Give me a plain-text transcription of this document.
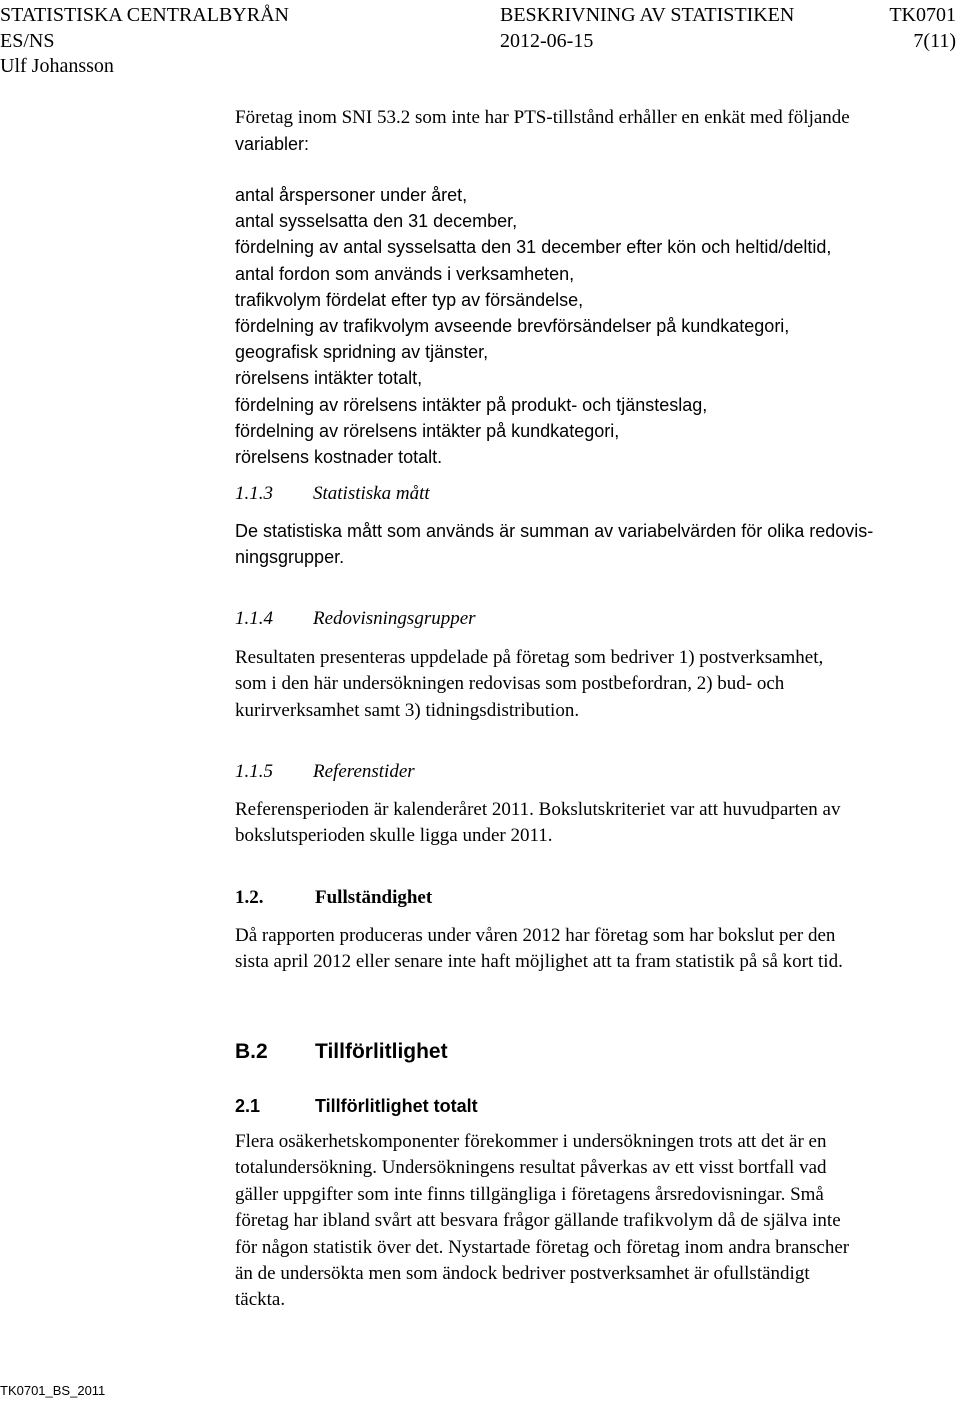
STATISTISKA CENTRALBYRÅN	BESKRIVNING AV STATISTIKEN	TK0701
ES/NS	2012-06-15	7(11)
Ulf Johansson
Företag inom SNI 53.2 som inte har PTS-tillstånd erhåller en enkät med följande
variabler:
antal årspersoner under året,
antal sysselsatta den 31 december,
fördelning av antal sysselsatta den 31 december efter kön och heltid/deltid,
antal fordon som används i verksamheten,
trafikvolym fördelat efter typ av försändelse,
fördelning av trafikvolym avseende brevförsändelser på kundkategori,
geografisk spridning av tjänster,
rörelsens intäkter totalt,
fördelning av rörelsens intäkter på produkt- och tjänsteslag,
fördelning av rörelsens intäkter på kundkategori,
rörelsens kostnader totalt.
1.1.3 Statistiska mått
De statistiska mått som används är summan av variabelvärden för olika redovis-
ningsgrupper.
1.1.4 Redovisningsgrupper
Resultaten presenteras uppdelade på företag som bedriver 1) postverksamhet,
som i den här undersökningen redovisas som postbefordran, 2) bud- och
kurirverksamhet samt 3) tidningsdistribution.
1.1.5 Referenstider
Referensperioden är kalenderåret 2011. Bokslutskriteriet var att huvudparten av
bokslutsperioden skulle ligga under 2011.
1.2.	Fullständighet
Då rapporten produceras under våren 2012 har företag som har bokslut per den
sista april 2012 eller senare inte haft möjlighet att ta fram statistik på så kort tid.
B.2 Tillförlitlighet
2.1	Tillförlitlighet totalt
Flera osäkerhetskomponenter förekommer i undersökningen trots att det är en
totalundersökning. Undersökningens resultat påverkas av ett visst bortfall vad
gäller uppgifter som inte finns tillgängliga i företagens årsredovisningar. Små
företag har ibland svårt att besvara frågor gällande trafikvolym då de själva inte
för någon statistik över det. Nystartade företag och företag inom andra branscher
än de undersökta men som ändock bedriver postverksamhet är ofullständigt
täckta.
TK0701_BS_2011
